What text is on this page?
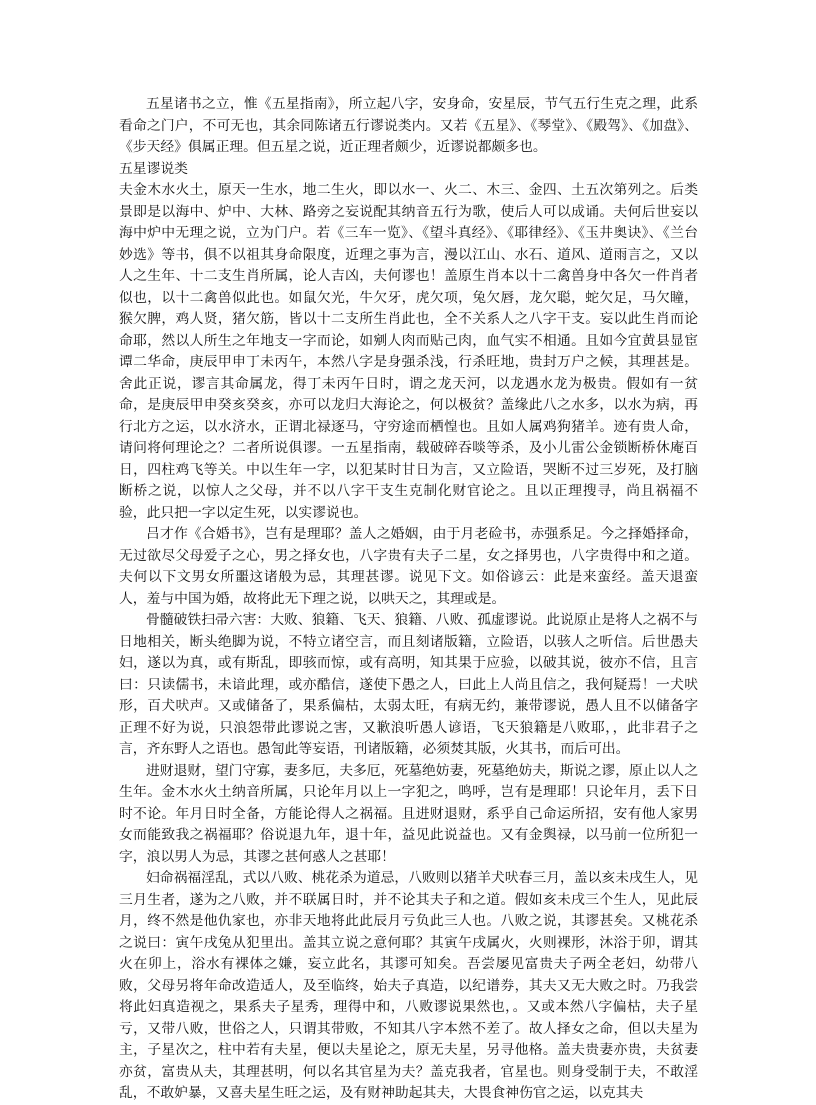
五星诸书之立，惟《五星指南》，所立起八字，安身命，安星辰，节气五行生克之理，此系看命之门户，不可无也，其余同陈诸五行谬说类内。又若《五星》、《琴堂》、《殿驾》、《加盘》、《步天经》俱属正理。但五星之说，近正理者颇少，近谬说都颇多也。

五星谬说类

夫金木水火土，原天一生水，地二生火，即以水一、火二、木三、金四、土五次第列之。后类景即是以海中、炉中、大林、路旁之妄说配其纳音五行为歌，使后人可以成诵。夫何后世妄以海中炉中无理之说，立为门户。若《三车一览》、《望斗真经》、《耶律经》、《玉井奥诀》、《兰台妙选》等书，俱不以祖其身命限度，近理之事为言，漫以江山、水石、道风、道雨言之，又以人之生年、十二支生肖所属，论人吉凶，夫何谬也！盖原生肖本以十二禽兽身中各欠一件肖者似也，以十二禽兽似此也。如鼠欠光，牛欠牙，虎欠项，兔欠唇，龙欠聪，蛇欠足，马欠瞳，猴欠脾，鸡人贤，猪欠筋，皆以十二支所生肖此也，全不关系人之八字干支。妄以此生肖而论命耶，然以人所生之年地支一字而论，如剜人肉而贴己肉，血气实不相通。且如今宜黄县显宦谭二华命，庚辰甲申丁未丙午，本然八字是身强杀浅，行杀旺地，贵封万户之候，其理甚是。舍此正说，谬言其命属龙，得丁未丙午日时，谓之龙天河，以龙遇水龙为极贵。假如有一贫命，是庚辰甲申癸亥癸亥，亦可以龙归大海论之，何以极贫？盖缘此八之水多，以水为病，再行北方之运，以水济水，正谓北禄逐马，守穷途而栖惶也。且如人属鸡狗猪羊。迹有贵人命，请问将何理论之？二者所说俱谬。一五星指南，载破碎吞啖等杀，及小儿雷公金锁断桥休庵百日，四柱鸡飞等关。中以生年一字，以犯某时甘日为言，又立险语，哭断不过三岁死，及打脑断桥之说，以惊人之父母，并不以八字干支生克制化财官论之。且以正理搜寻，尚且祸福不验，此只把一字以定生死，以实谬说也。

吕才作《合婚书》，岂有是理耶？盖人之婚姻，由于月老硷书，赤强系足。今之择婚择命，无过欲尽父母爱子之心，男之择女也，八字贵有夫子二星，女之择男也，八字贵得中和之道。夫何以下文男女所噩这诸般为忌，其理甚谬。说见下文。如俗谚云：此是来蛮经。盖天退蛮人，羞与中国为婚，故将此无下理之说，以哄天之，其理或是。

骨髓破铁扫帚六害：大败、狼籍、飞天、狼籍、八败、孤虚谬说。此说原止是将人之祸不与日地相关，断头绝脚为说，不特立诸空言，而且刻诸版籍，立险语，以骇人之听信。后世愚夫妇，遂以为真，或有斯乱，即骇而惊，或有高明，知其果于应验，以破其说，彼亦不信，且言曰：只读儒书，未谙此理，或亦酷信，遂使下愚之人，曰此上人尚且信之，我何疑焉！一犬吠形，百犬吠声。又或储备了，果系偏枯，太弱太旺，有病无约，兼带谬说，愚人且不以储备字正理不好为说，只浪怨带此谬说之害，又歉浪听愚人谚语，飞天狼籍是八败耶，，此非君子之言，齐东野人之语也。愚訇此等妄语，刊诸版籍，必须焚其版，火其书，而后可出。

进财退财，望门守寡，妻多厄，夫多厄，死墓绝妨妻，死墓绝妨夫，斯说之谬，原止以人之生年。金木水火土纳音所属，只论年月以上一字犯之，鸣呼，岂有是理耶！只论年月，丢下日时不论。年月日时全备，方能论得人之祸福。且进财退财，系乎自己命运所招，安有他人家男女而能致我之祸福耶？俗说退九年，退十年，益见此说益也。又有金舆禄，以马前一位所犯一字，浪以男人为忌，其谬之甚何惑人之甚耶！

妇命祸福淫乱，式以八败、桃花杀为道忌，八败则以猪羊犬吠春三月，盖以亥未戌生人，见三月生者，遂为之八败，并不联属日时，并不论其夫子和之道。假如亥未戌三个生人，见此辰月，终不然是他仇家也，亦非天地将此此辰月亏负此三人也。八败之说，其谬甚矣。又桃花杀之说曰：寅午戌兔从犯里出。盖其立说之意何耶？其寅午戌属火，火则裸形，沐浴于卯，谓其火在卯上，浴水有裸体之嫌，妄立此名，其谬可知矣。吾尝屡见富贵夫子两全老妇，幼带八败，父母另将年命改造适人，及至临终，始夫子真造，以纪谱券，其夫又无大败之时。乃我尝将此妇真造视之，果系夫子星秀，理得中和，八败谬说果然也，。又或本然八字偏枯，夫子星亏，又带八败，世俗之人，只谓其带败，不知其八字本然不差了。故人择女之命，但以夫星为主，子星次之，柱中若有夫星，便以夫星论之，原无夫星，另寻他格。盖夫贵妻亦贵，夫贫妻亦贫，富贵从夫，其理甚明，何以名其官星为夫？盖克我者，官星也。则身受制于夫，不敢淫乱，不敢妒暴，又喜夫星生旺之运，及有财神助起其夫，大畏食神伤官之运，以克其夫
